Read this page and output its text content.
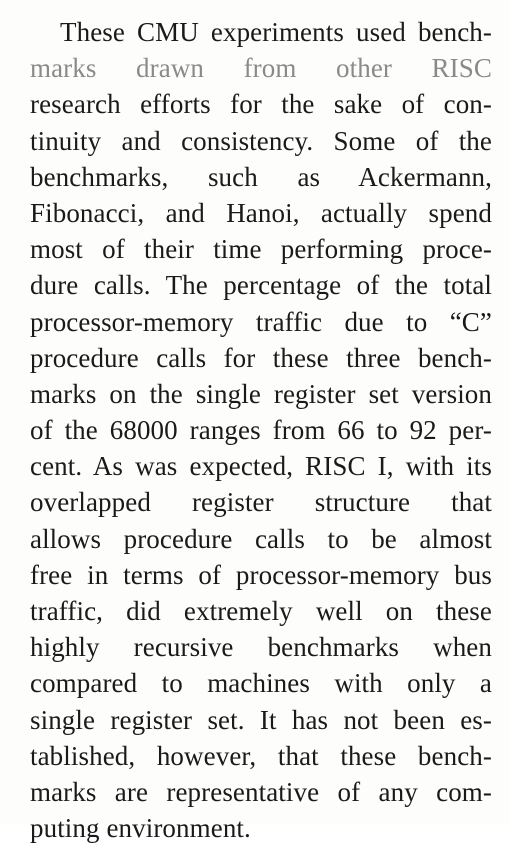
These CMU experiments used bench-
marks drawn from other RISC
research efforts for the sake of con-
tinuity and consistency. Some of the
benchmarks, such as Ackermann,
Fibonacci, and Hanoi, actually spend
most of their time performing proce-
dure calls. The percentage of the total
processor-memory traffic due to “C”
procedure calls for these three bench-
marks on the single register set version
of the 68000 ranges from 66 to 92 per-
cent. As was expected, RISC I, with its
overlapped register structure that
allows procedure calls to be almost
free in terms of processor-memory bus
traffic, did extremely well on these
highly recursive benchmarks when
compared to machines with only a
single register set. It has not been es-
tablished, however, that these bench-
marks are representative of any com-
puting environment.
